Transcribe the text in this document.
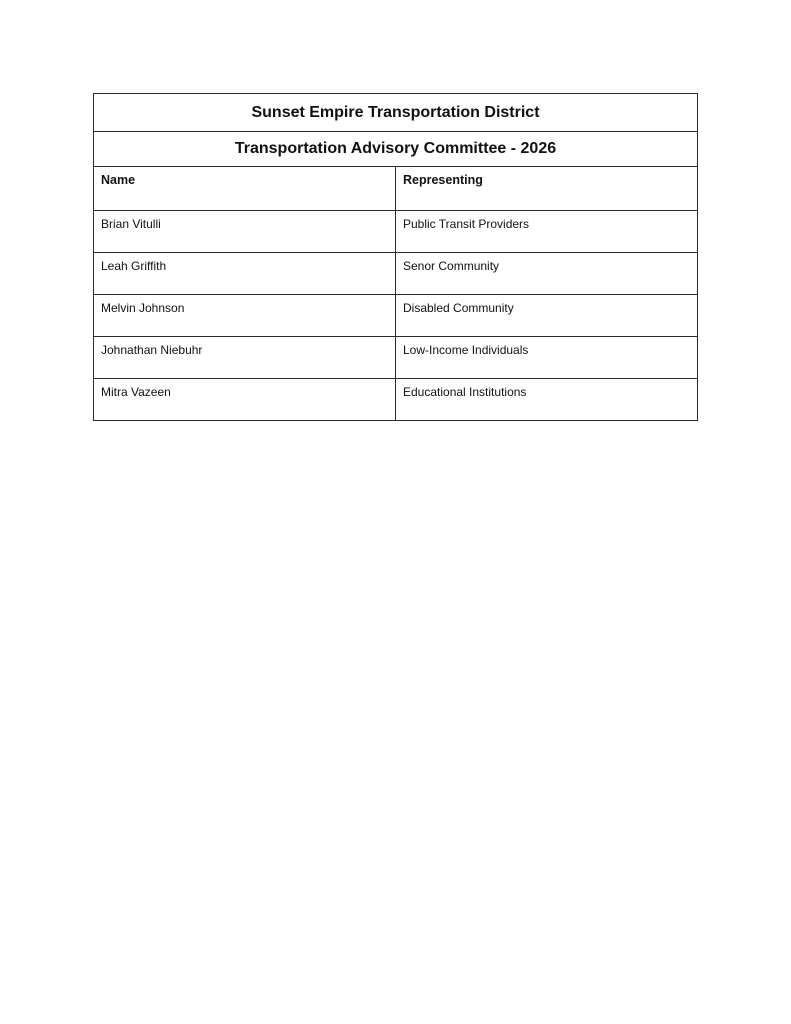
Sunset Empire Transportation District	
Transportation Advisory Committee - 2026	
Name	Representing
Brian Vitulli	Public Transit Providers
Leah Griffith	Senor Community
Melvin Johnson	Disabled Community
Johnathan Niebuhr	Low-Income Individuals
Mitra Vazeen	Educational Institutions
